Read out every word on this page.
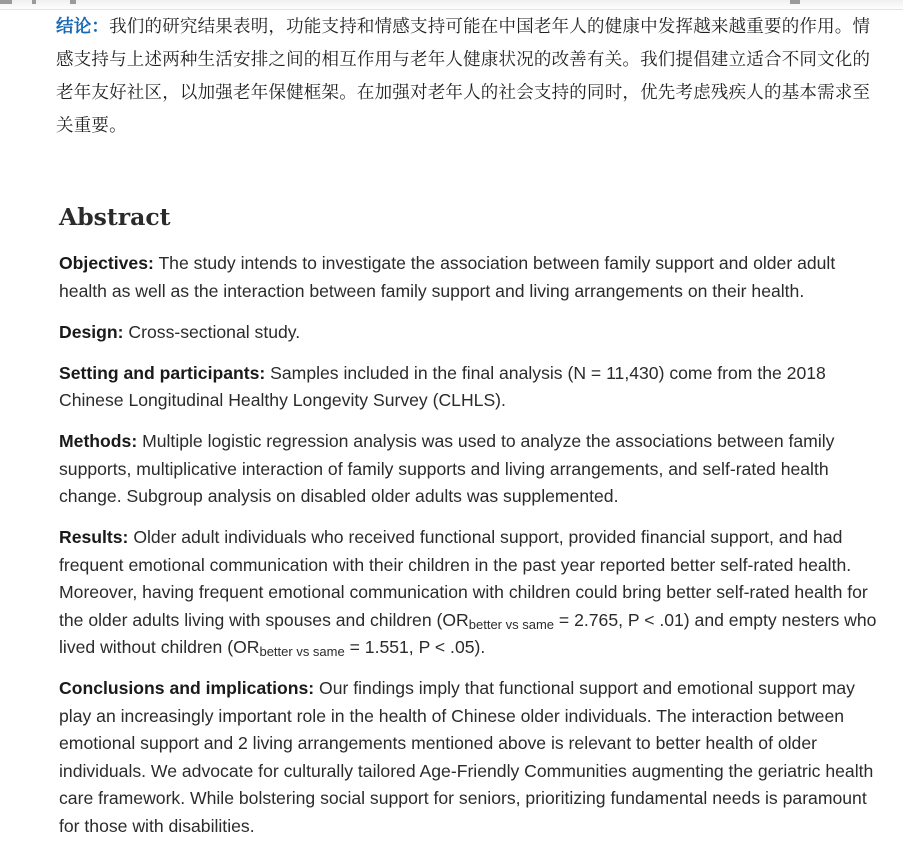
结论：我们的研究结果表明，功能支持和情感支持可能在中国老年人的健康中发挥越来越重要的作用。情感支持与上述两种生活安排之间的相互作用与老年人健康状况的改善有关。我们提倡建立适合不同文化的老年友好社区，以加强老年保健框架。在加强对老年人的社会支持的同时，优先考虑残疾人的基本需求至关重要。
Abstract

Objectives: The study intends to investigate the association between family support and older adult health as well as the interaction between family support and living arrangements on their health.

Design: Cross-sectional study.

Setting and participants: Samples included in the final analysis (N = 11,430) come from the 2018 Chinese Longitudinal Healthy Longevity Survey (CLHLS).

Methods: Multiple logistic regression analysis was used to analyze the associations between family supports, multiplicative interaction of family supports and living arrangements, and self-rated health change. Subgroup analysis on disabled older adults was supplemented.

Results: Older adult individuals who received functional support, provided financial support, and had frequent emotional communication with their children in the past year reported better self-rated health. Moreover, having frequent emotional communication with children could bring better self-rated health for the older adults living with spouses and children ($OR_{better vs same} = 2.765$, P < .01) and empty nesters who lived without children ($OR_{better vs same} = 1.551$, P < .05).

Conclusions and implications: Our findings imply that functional support and emotional support may play an increasingly important role in the health of Chinese older individuals. The interaction between emotional support and 2 living arrangements mentioned above is relevant to better health of older individuals. We advocate for culturally tailored Age-Friendly Communities augmenting the geriatric health care framework. While bolstering social support for seniors, prioritizing fundamental needs is paramount for those with disabilities.
